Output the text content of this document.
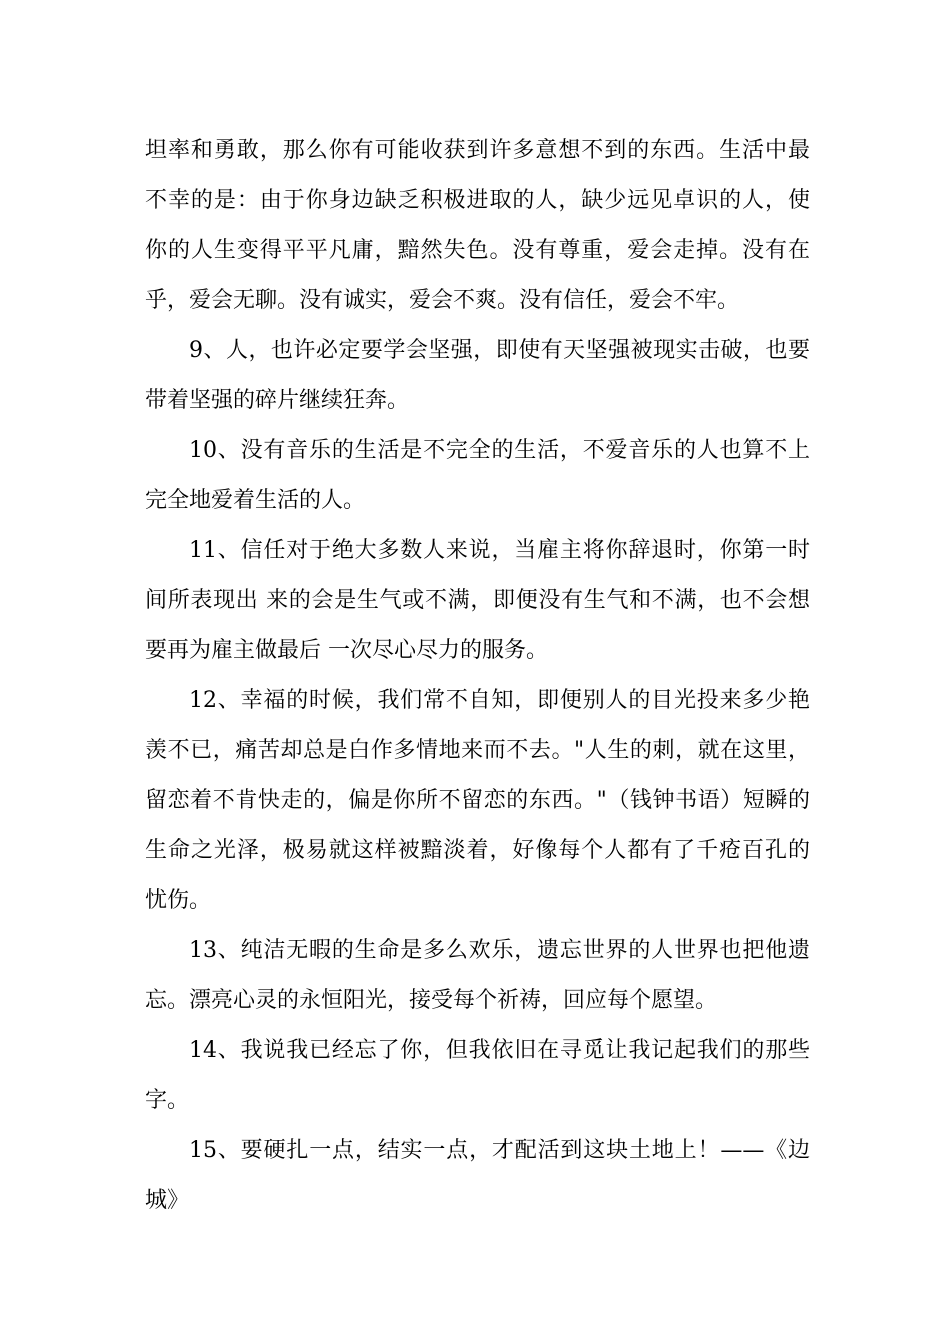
坦率和勇敢，那么你有可能收获到许多意想不到的东西。生活中最
不幸的是：由于你身边缺乏积极进取的人，缺少远见卓识的人，使
你的人生变得平平凡庸，黯然失色。没有尊重，爱会走掉。没有在
乎，爱会无聊。没有诚实，爱会不爽。没有信任，爱会不牢。
9、人，也许必定要学会坚强，即使有天坚强被现实击破，也要
带着坚强的碎片继续狂奔。
10、没有音乐的生活是不完全的生活，不爱音乐的人也算不上
完全地爱着生活的人。
11、信任对于绝大多数人来说，当雇主将你辞退时，你第一时
间所表现出 来的会是生气或不满，即便没有生气和不满，也不会想
要再为雇主做最后 一次尽心尽力的服务。
12、幸福的时候，我们常不自知，即便别人的目光投来多少艳
羡不已，痛苦却总是白作多情地来而不去。"人生的刺，就在这里，
留恋着不肯快走的，偏是你所不留恋的东西。"（钱钟书语）短瞬的
生命之光泽，极易就这样被黯淡着，好像每个人都有了千疮百孔的
忧伤。
13、纯洁无暇的生命是多么欢乐，遗忘世界的人世界也把他遗
忘。漂亮心灵的永恒阳光，接受每个祈祷，回应每个愿望。
14、我说我已经忘了你，但我依旧在寻觅让我记起我们的那些
字。
15、要硬扎一点，结实一点，才配活到这块土地上！——《边
城》
